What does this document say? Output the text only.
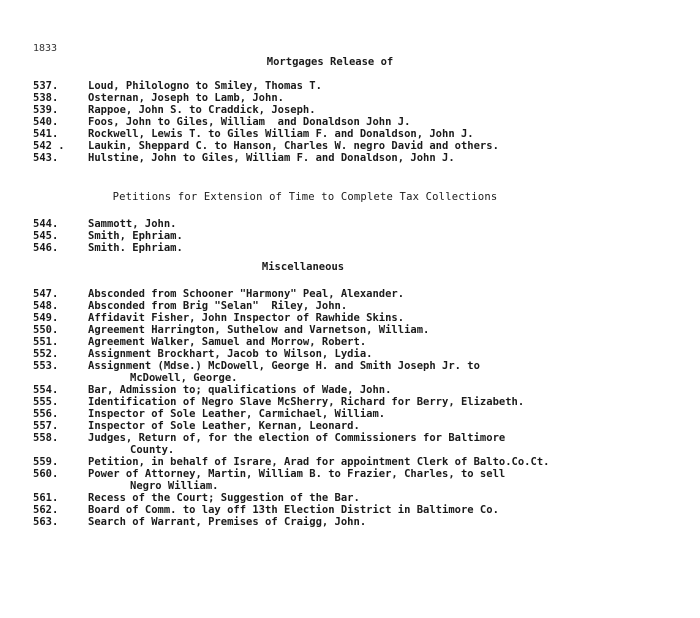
1833
Mortgages Release of
537.	Loud, Philologno to Smiley, Thomas T.
538.	Osternan, Joseph to Lamb, John.
539.	Rappoe, John S. to Craddick, Joseph.
540.	Foos, John to Giles, William  and Donaldson John J.
541.	Rockwell, Lewis T. to Giles William F. and Donaldson, John J.
542 .	Laukin, Sheppard C. to Hanson, Charles W. negro David and others.
543.	Hulstine, John to Giles, William F. and Donaldson, John J.
Petitions for Extension of Time to Complete Tax Collections
544.	Sammott, John.
545.	Smith, Ephriam.
546.	Smith. Ephriam.
Miscellaneous
547.	Absconded from Schooner "Harmony" Peal, Alexander.
548.	Absconded from Brig "Selan"  Riley, John.
549.	Affidavit Fisher, John Inspector of Rawhide Skins.
550.	Agreement Harrington, Suthelow and Varnetson, William.
551.	Agreement Walker, Samuel and Morrow, Robert.
552.	Assignment Brockhart, Jacob to Wilson, Lydia.
553.	Assignment (Mdse.) McDowell, George H. and Smith Joseph Jr. to
McDowell, George.
554.	Bar, Admission to; qualifications of Wade, John.
555.	Identification of Negro Slave McSherry, Richard for Berry, Elizabeth.
556.	Inspector of Sole Leather, Carmichael, William.
557.	Inspector of Sole Leather, Kernan, Leonard.
558.	Judges, Return of, for the election of Commissioners for Baltimore
County.
559.	Petition, in behalf of Israre, Arad for appointment Clerk of Balto.Co.Ct.
560.	Power of Attorney, Martin, William B. to Frazier, Charles, to sell
Negro William.
561.	Recess of the Court; Suggestion of the Bar.
562.	Board of Comm. to lay off 13th Election District in Baltimore Co.
563.	Search of Warrant, Premises of Craigg, John.
